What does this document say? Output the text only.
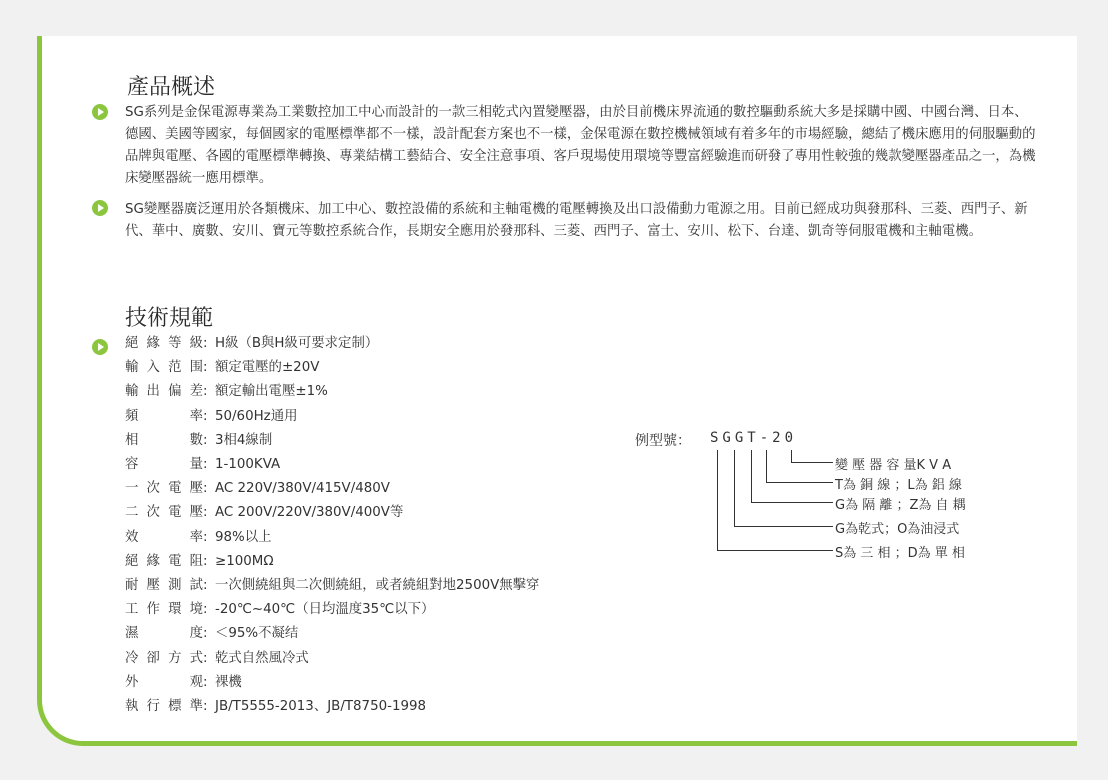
產品概述

SG系列是金保電源專業為工業數控加工中心而設計的一款三相乾式內置變壓器，由於目前機床界流通的數控驅動系統大多是採購中國、中國台灣、日本、德國、美國等國家，每個國家的電壓標準都不一樣，設計配套方案也不一樣，金保電源在數控機械領域有着多年的市場經驗，總結了機床應用的伺服驅動的品牌與電壓、各國的電壓標準轉換、專業結構工藝結合、安全注意事項、客戶現場使用環境等豐富經驗進而研發了專用性較強的幾款變壓器產品之一，為機床變壓器統一應用標準。

SG變壓器廣泛運用於各類機床、加工中心、數控設備的系統和主軸電機的電壓轉換及出口設備動力電源之用。目前已經成功與發那科、三菱、西門子、新代、華中、廣數、安川、寶元等數控系統合作，長期安全應用於發那科、三菱、西門子、富士、安川、松下、台達、凱奇等伺服電機和主軸電機。

技術規範
絕緣等級 : H級（B與H級可要求定制）
輸入范围 : 額定電壓的±20V
輸出偏差 : 額定輸出電壓±1%
頻率 : 50/60Hz通用
相數 : 3相4線制
容量 : 1-100KVA
一次電壓 : AC 220V/380V/415V/480V
二次電壓 : AC 200V/220V/380V/400V等
效率 : 98%以上
絕緣電阻 : ≥100MΩ
耐壓測試 : 一次側繞組與二次側繞組，或者繞組對地2500V無擊穿
工作環境 : -20℃~40℃（日均溫度35℃以下）
濕度 : ＜95%不凝结
冷卻方式 : 乾式自然風冷式
外观 : 裸機
執行標準 : JB/T5555-2013、JB/T8750-1998
例型號： SGGT-20
變 壓 器 容 量K V A
T為 銅 線 ；L為 鋁 線
G為 隔 離 ；Z為 自 耦
G為乾式；O為油浸式
S為 三 相 ；D為 單 相
